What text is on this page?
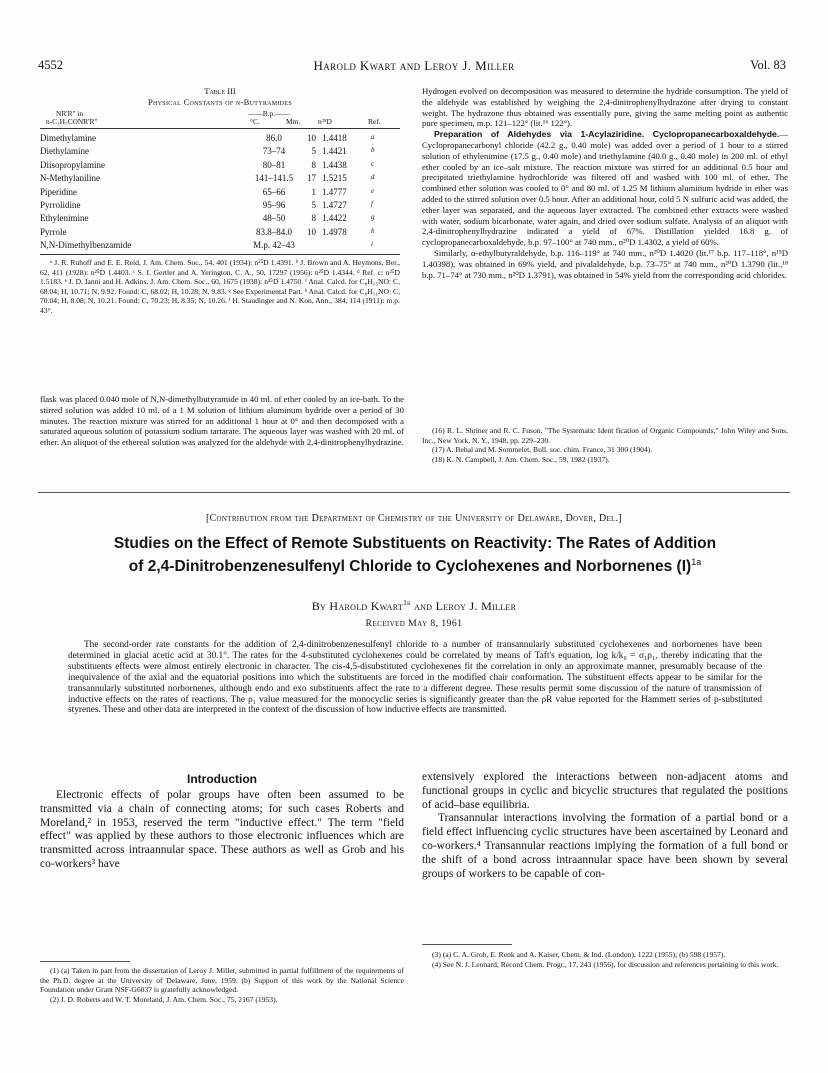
4552	Harold Kwart and Leroy J. Miller	Vol. 83
Table III
Physical Constants of n-Butyramides
NR'R" in
n-C₃H₇CONR'R"
——B.p.——
°C.	Mm. n²⁵D	Ref.
Dimethylamine	86.0	10 1.4418	a
Diethylamine	73–74	5 1.4421	b
Diisopropylamine	80–81	8 1.4438	c
N-Methylaniline	141–141.5	17 1.5215	d
Piperidine	65–66	1 1.4777	e
Pyrrolidine	95–96	5 1.4727	f
Ethylenimine	48–50	8 1.4422	g
Pyrrole	83.8–84.0	10 1.4978	h
N,N-Dimethylbenzamide	M.p. 42–43	i

ᵃ J. R. Ruhoff and E. E. Reid, J. Am. Chem. Soc., 54, 401 (1934): n²⁵D 1.4391. ᵇ J. Brown and A. Heymons, Ber., 62, 411 (1928): n²⁵D 1.4403. ᶜ S. I. Gertler and A. Yerington, C. A., 50, 17297 (1956): n²⁵D 1.4344. ᵈ Ref. c: n²⁵D 1.5183. ᵉ J. D. Ianni and H. Adkins, J. Am. Chem. Soc., 60, 1675 (1938): n²⁵D 1.4750. ᶠ Anal. Calcd. for C₈H₁₅NO: C, 68.04; H, 10.71; N, 9.92. Found: C, 68.02; H, 10.28; N, 9.83. ᵍ See Experimental Part. ʰ Anal. Calcd. for C₈H₁₁NO: C, 70.04; H, 8.08; N, 10.21. Found: C, 70.23; H, 8.35; N, 10.26. ⁱ H. Staudinger and N. Kon, Ann., 384, 114 (1911): m.p. 43°.

flask was placed 0.040 mole of N,N-dimethylbutyramide in 40 ml. of ether cooled by an ice-bath. To the stirred solution was added 10 ml. of a 1 M solution of lithium aluminum hydride over a period of 30 minutes. The reaction mixture was stirred for an additional 1 hour at 0° and then decomposed with a saturated aqueous solution of potassium sodium tartarate. The aqueous layer was washed with 20 ml. of ether. An aliquot of the ethereal solution was analyzed for the aldehyde with 2,4-dinitrophenylhydrazine.

Hydrogen evolved on decomposition was measured to determine the hydride consumption. The yield of the aldehyde was established by weighing the 2,4-dinitrophenylhydrazone after drying to constant weight. The hydrazone thus obtained was essentially pure, giving the same melting point as authentic pure specimen, m.p. 121–122° (lit.¹⁶ 122°).

Preparation of Aldehydes via 1-Acylaziridine. Cyclopropanecarboxaldehyde.—Cyclopropanecarbonyl chloride (42.2 g., 0.40 mole) was added over a period of 1 hour to a stirred solution of ethylenimine (17.5 g., 0.40 mole) and triethylamine (40.0 g., 0.40 mole) in 200 ml. of ethyl ether cooled by an ice–salt mixture. The reaction mixture was stirred for an additional 0.5 hour and precipitated triethylamine hydrochloride was filtered off and washed with 100 ml. of ether. The combined ether solution was cooled to 0° and 80 ml. of 1.25 M lithium aluminum hydride in ether was added to the stirred solution over 0.5 hour. After an additional hour, cold 5 N sulfuric acid was added, the ether layer was separated, and the aqueous layer extracted. The combined ether extracts were washed with water, sodium bicarbonate, water again, and dried over sodium sulfate. Analysis of an aliquot with 2,4-dinitrophenylhydrazine indicated a yield of 67%. Distillation yielded 16.8 g. of cyclopropanecarboxaldehyde, b.p. 97–100° at 740 mm., n²⁰D 1.4302, a yield of 60%.

Similarly, α-ethylbutyraldehyde, b.p. 116–119° at 740 mm., n²⁰D 1.4020 (lit.¹⁷ b.p. 117–118°, n¹⁵D 1.40398), was obtained in 69% yield, and pivalaldehyde, b.p. 73–75° at 740 mm., n²⁰D 1.3790 (lit.,¹⁸ b.p. 71–74° at 730 mm., n²⁰D 1.3791), was obtained in 54% yield from the corresponding acid chlorides.

(16) R. L. Shriner and R. C. Fuson, "The Systematic Ident fication of Organic Compounds," John Wiley and Sons, Inc., New York, N. Y., 1948, pp. 229–230.

(17) A. Behal and M. Sommelet, Bull. soc. chim. France, 31 300 (1904).

(18) K. N. Campbell, J. Am. Chem. Soc., 59, 1982 (1937).

[Contribution from the Department of Chemistry of the University of Delaware, Dover, Del.]
Studies on the Effect of Remote Substituents on Reactivity: The Rates of Addition
of 2,4-Dinitrobenzenesulfenyl Chloride to Cyclohexenes and Norbornenes $(I)^{1a}$
By Harold Kwart$^{1b}$ and Leroy J. Miller
Received May 8, 1961

The second-order rate constants for the addition of 2,4-dinitrobenzenesulfenyl chloride to a number of transannularly substituted cyclohexenes and norbornenes have been determined in glacial acetic acid at 30.1°. The rates for the 4-substituted cyclohexenes could be correlated by means of Taft's equation, log k/k₀ = σ₁ρ₁, thereby indicating that the substituents effects were almost entirely electronic in character. The cis-4,5-disubstituted cyclohexenes fit the correlation in only an approximate manner, presumably because of the inequivalence of the axial and the equatorial positions into which the substituents are forced in the modified chair conformation. The substituent effects appear to be similar for the transannularly substituted norbornenes, although endo and exo substituents affect the rate to a different degree. These results permit some discussion of the nature of transmission of inductive effects on the rates of reactions. The ρ₁ value measured for the monocyclic series is significantly greater than the ρR value reported for the Hammett series of p-substituted styrenes. These and other data are interpreted in the context of the discussion of how inductive effects are transmitted.

Introduction

Electronic effects of polar groups have often been assumed to be transmitted via a chain of connecting atoms; for such cases Roberts and Moreland,² in 1953, reserved the term "inductive effect." The term "field effect" was applied by these authors to those electronic influences which are transmitted across intraannular space. These authors as well as Grob and his co-workers³ have

extensively explored the interactions between non-adjacent atoms and functional groups in cyclic and bicyclic structures that regulated the positions of acid–base equilibria.

Transannular interactions involving the formation of a partial bond or a field effect influencing cyclic structures have been ascertained by Leonard and co-workers.⁴ Transannular reactions implying the formation of a full bond or the shift of a bond across intraannular space have been shown by several groups of workers to be capable of con-

(1) (a) Taken in part from the dissertation of Leroy J. Miller, submitted in partial fulfillment of the requirements of the Ph.D. degree at the University of Delaware, June, 1959. (b) Support of this work by the National Science Foundation under Grant NSF-G6037 is gratefully acknowledged.

(2) J. D. Roberts and W. T. Moreland, J. Am. Chem. Soc., 75, 2167 (1953).

(3) (a) C. A. Grob, E. Renk and A. Kaiser, Chem. & Ind. (London), 1222 (1955); (b) 598 (1957).

(4) See N. J. Leonard, Record Chem. Progr., 17, 243 (1956), for discussion and references pertaining to this work.
